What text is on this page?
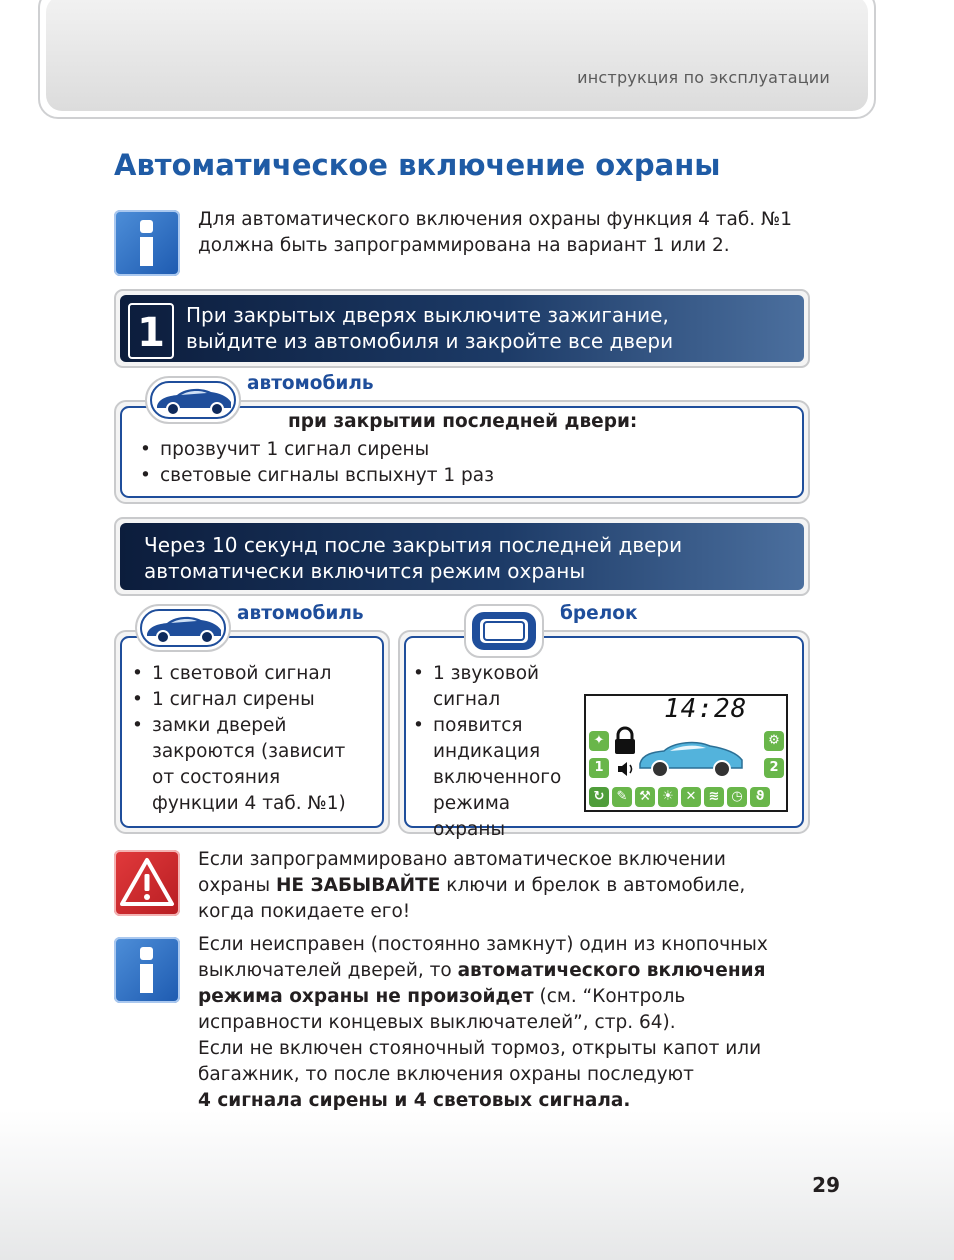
инструкция по эксплуатации
Автоматическое включение охраны
Для автоматического включения охраны функция 4 таб. №1 должна быть запрограммирована на вариант 1 или 2.
1	При закрытых дверях выключите зажигание,
выйдите из автомобиля и закройте все двери
автомобиль
при закрытии последней двери:
• прозвучит 1 сигнал сирены
• световые сигналы вспыхнут 1 раз
Через 10 секунд после закрытия последней двери
автоматически включится режим охраны
автомобиль
• 1 световой сигнал
• 1 сигнал сирены
• замки дверей закроются (зависит от состояния функции 4 таб. №1)
брелок
• 1 звуковой сигнал
• появится индикация включенного режима охраны
14:28
✦
1
⚙
2
↻ ✎ ⚒ ☀ ✕ ≋ ◷	ϑ
Если запрограммировано автоматическое включении охраны НЕ ЗАБЫВАЙТЕ ключи и брелок в автомобиле, когда покидаете его!
Если неисправен (постоянно замкнут) один из кнопочных выключателей дверей, то автоматического включения режима охраны не произойдет (см. “Контроль исправности концевых выключателей”, стр. 64).
Если не включен стояночный тормоз, открыты капот или багажник, то после включения охраны последуют
4 сигнала сирены и 4 световых сигнала.
29
